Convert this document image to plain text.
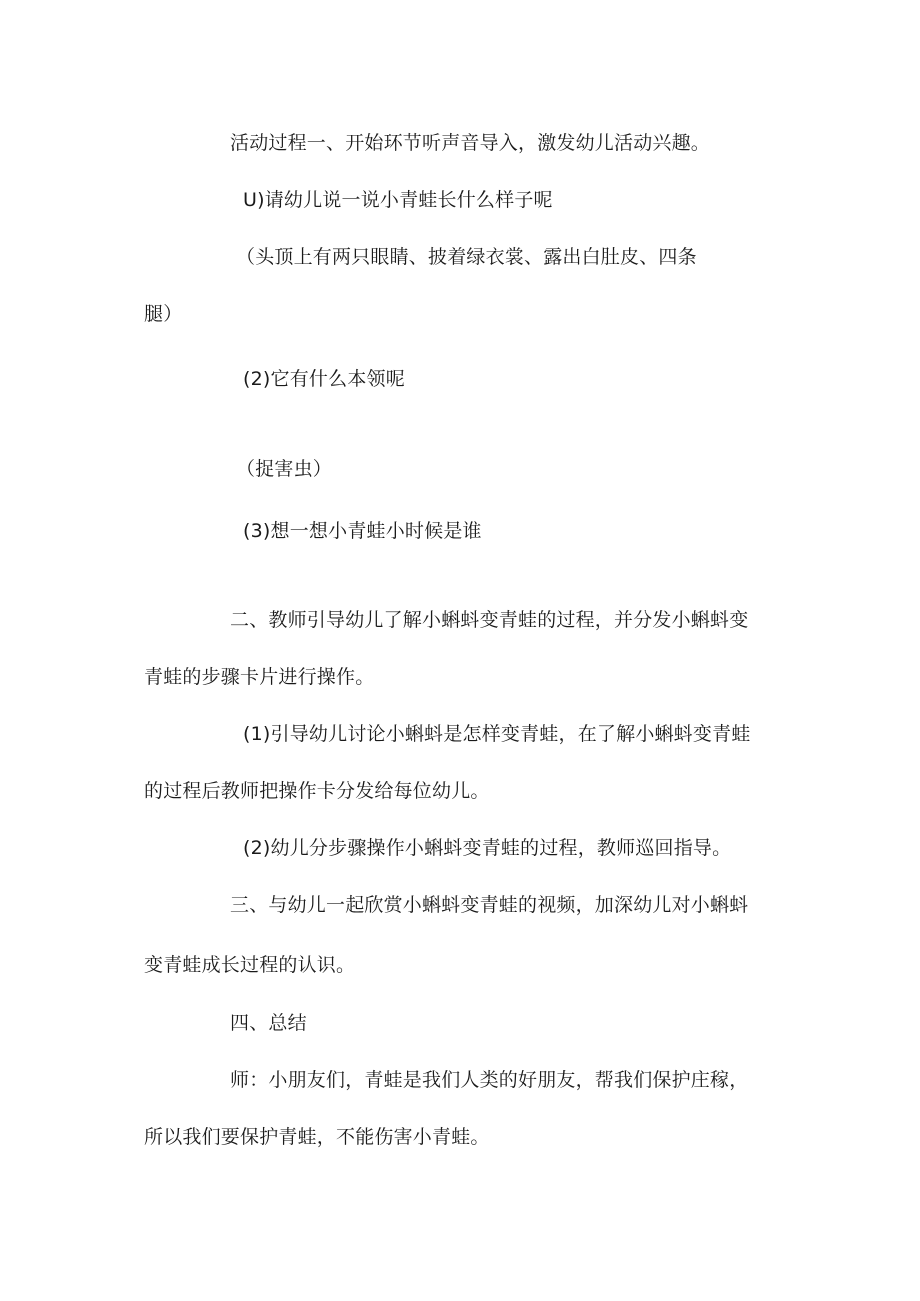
活动过程一、开始环节听声音导入，激发幼儿活动兴趣。
U)请幼儿说一说小青蛙长什么样子呢
（头顶上有两只眼睛、披着绿衣裳、露出白肚皮、四条
腿）
(2)它有什么本领呢
（捉害虫）
(3)想一想小青蛙小时候是谁
二、教师引导幼儿了解小蝌蚪变青蛙的过程，并分发小蝌蚪变
青蛙的步骤卡片进行操作。
(1)引导幼儿讨论小蝌蚪是怎样变青蛙，在了解小蝌蚪变青蛙
的过程后教师把操作卡分发给每位幼儿。
(2)幼儿分步骤操作小蝌蚪变青蛙的过程，教师巡回指导。
三、与幼儿一起欣赏小蝌蚪变青蛙的视频，加深幼儿对小蝌蚪
变青蛙成长过程的认识。
四、总结
师：小朋友们，青蛙是我们人类的好朋友，帮我们保护庄稼，
所以我们要保护青蛙，不能伤害小青蛙。
